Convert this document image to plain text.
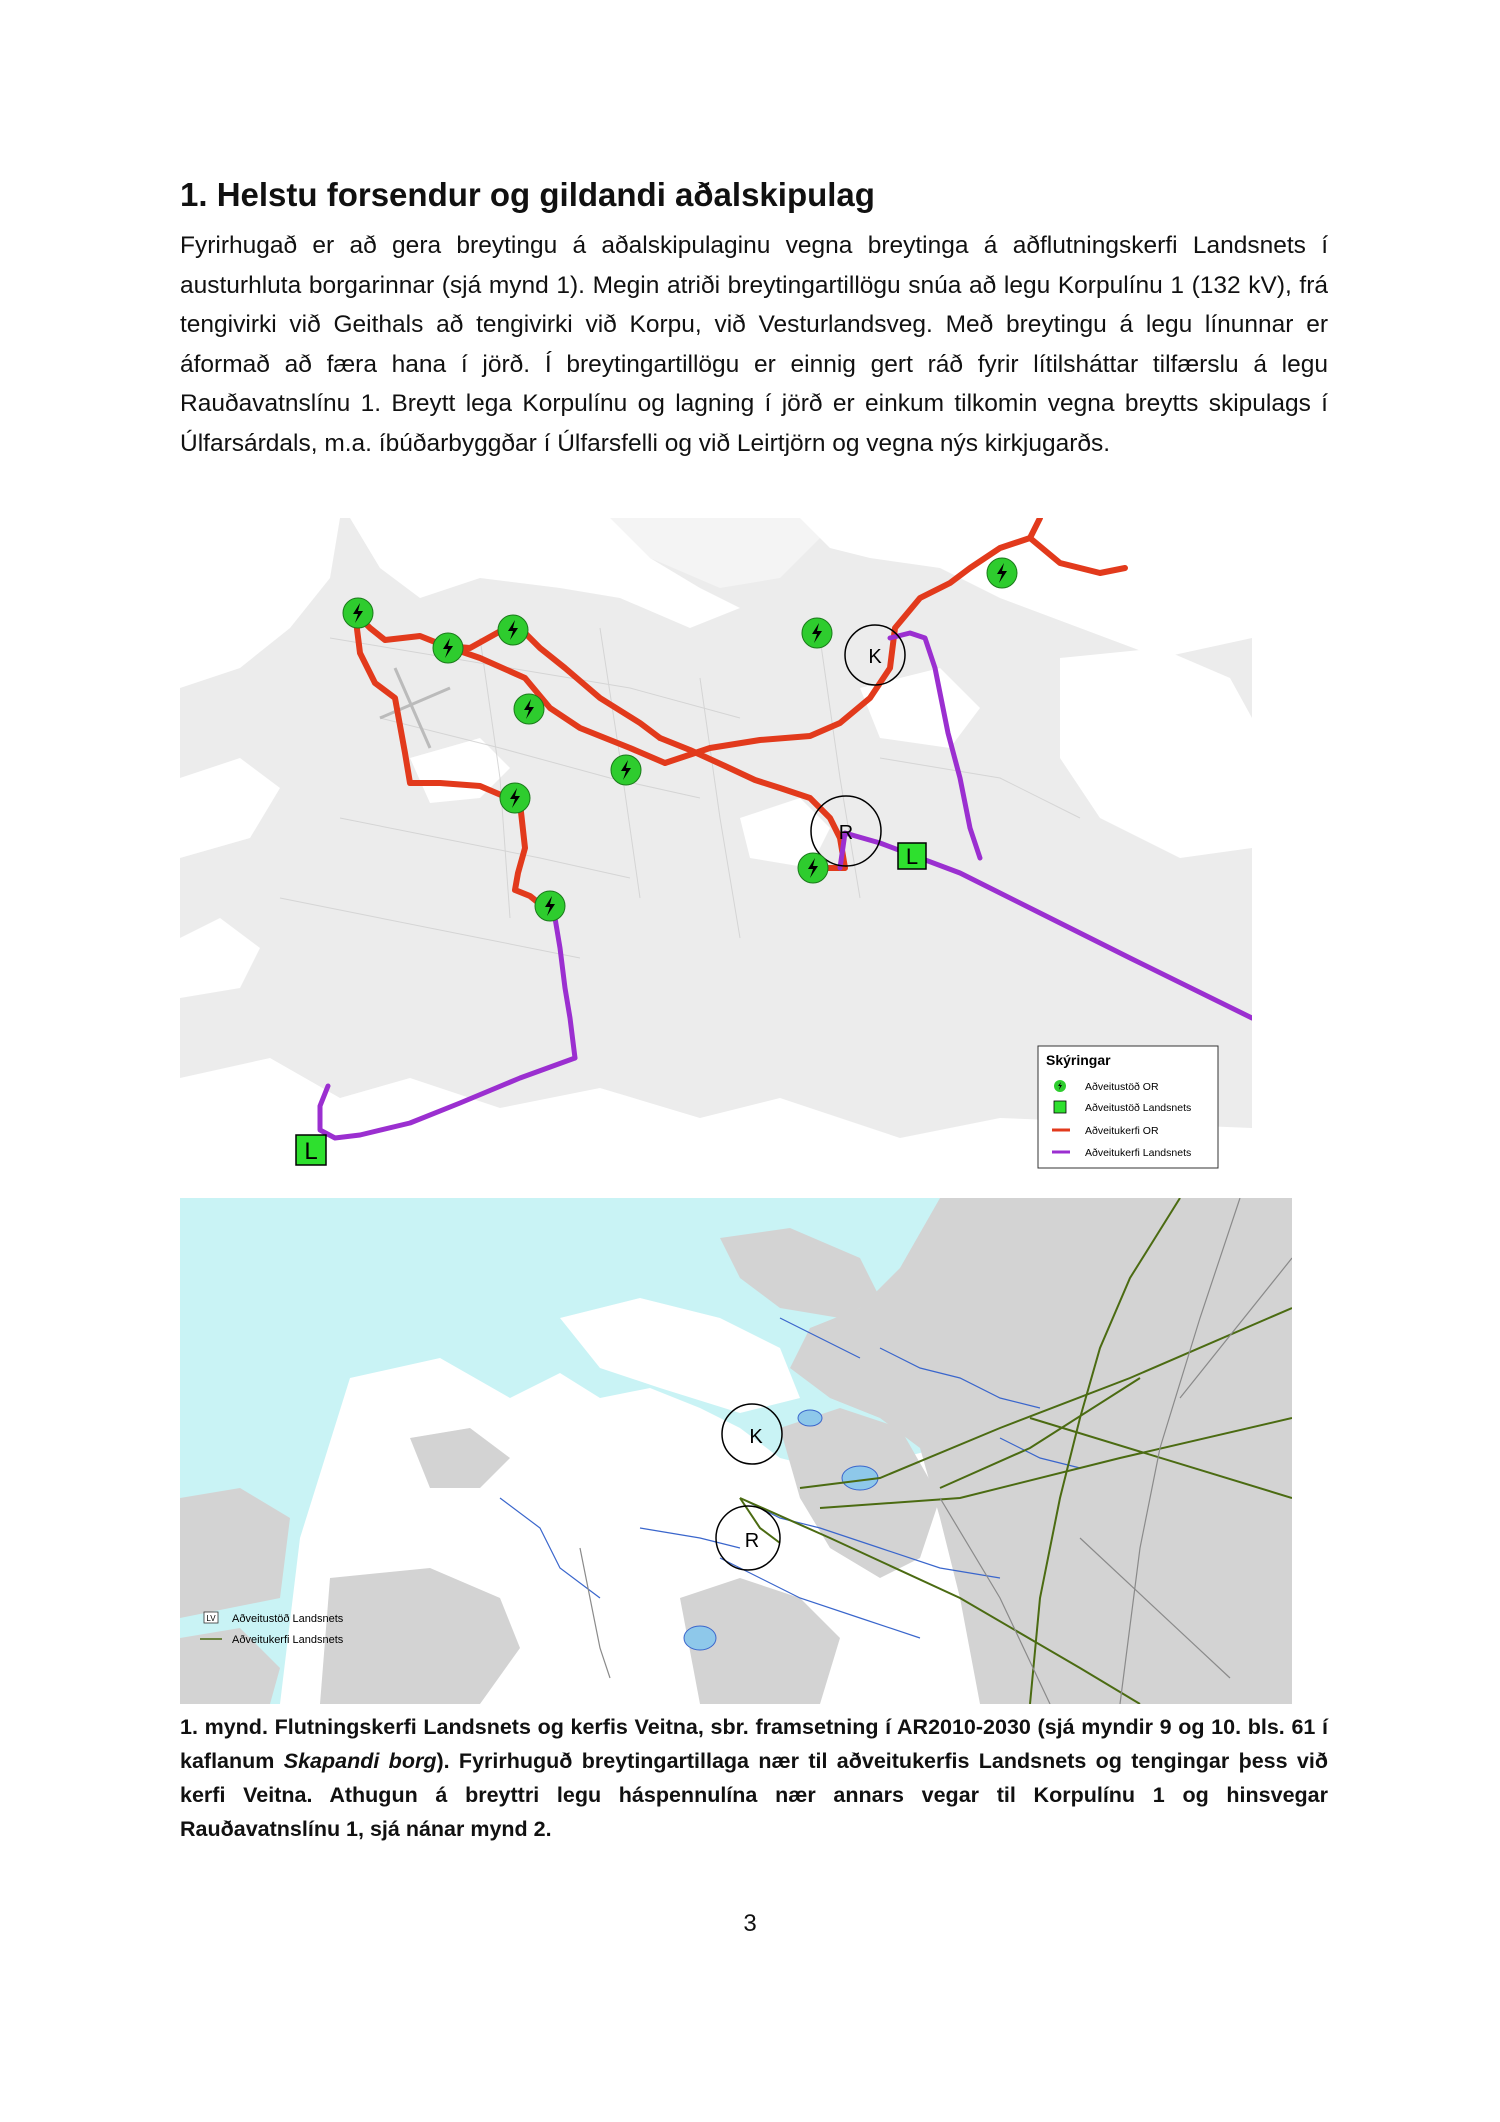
1. Helstu forsendur og gildandi aðalskipulag

Fyrirhugað er að gera breytingu á aðalskipulaginu vegna breytinga á aðflutningskerfi Landsnets í austurhluta borgarinnar (sjá mynd 1). Megin atriði breytingartillögu snúa að legu Korpulínu 1 (132 kV), frá tengivirki við Geithals að tengivirki við Korpu, við Vesturlandsveg. Með breytingu á legu línunnar er áformað að færa hana í jörð. Í breytingartillögu er einnig gert ráð fyrir lítilsháttar tilfærslu á legu Rauðavatnslínu 1. Breytt lega Korpulínu og lagning í jörð er einkum tilkomin vegna breytts skipulags í Úlfarsárdals, m.a. íbúðarbyggðar í Úlfarsfelli og við Leirtjörn og vegna nýs kirkjugarðs.

K
R
L
L
Skýringar
Aðveitustöð OR
Aðveitustöð Landsnets
Aðveitukerfi OR
Aðveitukerfi Landsnets
K
R
LV Aðveitustöð Landsnets
Aðveitukerfi Landsnets

1. mynd. Flutningskerfi Landsnets og kerfis Veitna, sbr. framsetning í AR2010-2030 (sjá myndir 9 og 10. bls. 61 í kaflanum Skapandi borg). Fyrirhuguð breytingartillaga nær til aðveitukerfis Landsnets og tengingar þess við kerfi Veitna. Athugun á breyttri legu háspennulína nær annars vegar til Korpulínu 1 og hinsvegar Rauðavatnslínu 1, sjá nánar mynd 2.

3
